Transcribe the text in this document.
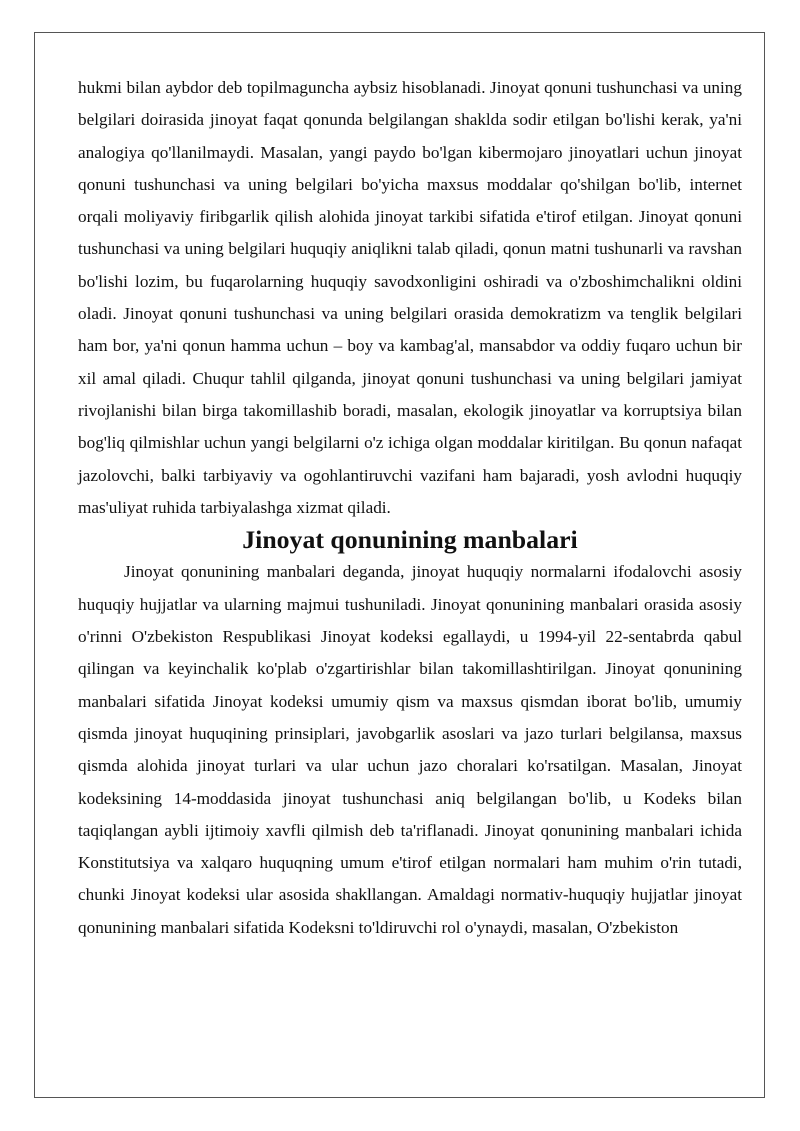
hukmi bilan aybdor deb topilmaguncha aybsiz hisoblanadi. Jinoyat qonuni tushunchasi va uning belgilari doirasida jinoyat faqat qonunda belgilangan shaklda sodir etilgan bo'lishi kerak, ya'ni analogiya qo'llanilmaydi. Masalan, yangi paydo bo'lgan kibermojaro jinoyatlari uchun jinoyat qonuni tushunchasi va uning belgilari bo'yicha maxsus moddalar qo'shilgan bo'lib, internet orqali moliyaviy firibgarlik qilish alohida jinoyat tarkibi sifatida e'tirof etilgan. Jinoyat qonuni tushunchasi va uning belgilari huquqiy aniqlikni talab qiladi, qonun matni tushunarli va ravshan bo'lishi lozim, bu fuqarolarning huquqiy savodxonligini oshiradi va o'zboshimchalikni oldini oladi. Jinoyat qonuni tushunchasi va uning belgilari orasida demokratizm va tenglik belgilari ham bor, ya'ni qonun hamma uchun – boy va kambag'al, mansabdor va oddiy fuqaro uchun bir xil amal qiladi. Chuqur tahlil qilganda, jinoyat qonuni tushunchasi va uning belgilari jamiyat rivojlanishi bilan birga takomillashib boradi, masalan, ekologik jinoyatlar va korruptsiya bilan bog'liq qilmishlar uchun yangi belgilarni o'z ichiga olgan moddalar kiritilgan. Bu qonun nafaqat jazolovchi, balki tarbiyaviy va ogohlantiruvchi vazifani ham bajaradi, yosh avlodni huquqiy mas'uliyat ruhida tarbiyalashga xizmat qiladi.

Jinoyat qonunining manbalari

Jinoyat qonunining manbalari deganda, jinoyat huquqiy normalarni ifodalovchi asosiy huquqiy hujjatlar va ularning majmui tushuniladi. Jinoyat qonunining manbalari orasida asosiy o'rinni O'zbekiston Respublikasi Jinoyat kodeksi egallaydi, u 1994-yil 22-sentabrda qabul qilingan va keyinchalik ko'plab o'zgartirishlar bilan takomillashtirilgan. Jinoyat qonunining manbalari sifatida Jinoyat kodeksi umumiy qism va maxsus qismdan iborat bo'lib, umumiy qismda jinoyat huquqining prinsiplari, javobgarlik asoslari va jazo turlari belgilansa, maxsus qismda alohida jinoyat turlari va ular uchun jazo choralari ko'rsatilgan. Masalan, Jinoyat kodeksining 14-moddasida jinoyat tushunchasi aniq belgilangan bo'lib, u Kodeks bilan taqiqlangan aybli ijtimoiy xavfli qilmish deb ta'riflanadi. Jinoyat qonunining manbalari ichida Konstitutsiya va xalqaro huquqning umum e'tirof etilgan normalari ham muhim o'rin tutadi, chunki Jinoyat kodeksi ular asosida shakllangan. Amaldagi normativ-huquqiy hujjatlar jinoyat qonunining manbalari sifatida Kodeksni to'ldiruvchi rol o'ynaydi, masalan, O'zbekiston
